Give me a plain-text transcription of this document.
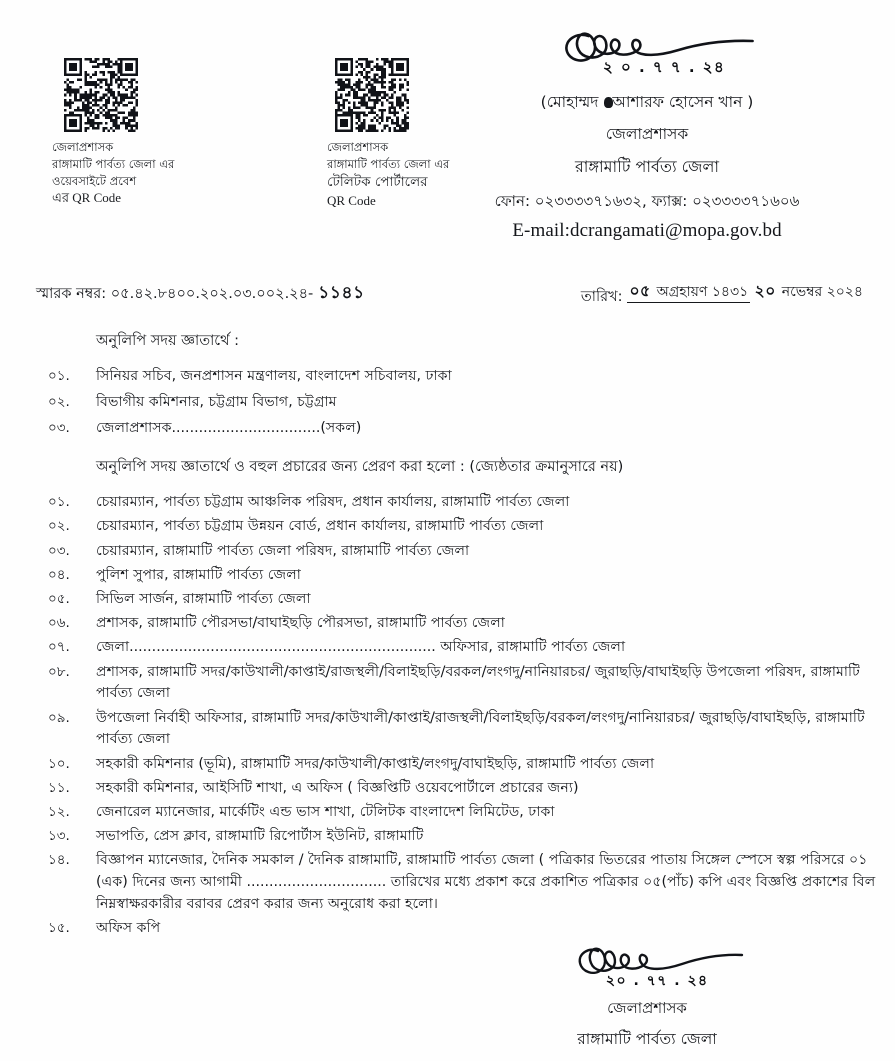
জেলাপ্রশাসক
রাঙ্গামাটি পার্বত্য জেলা এর
ওয়েবসাইটে প্রবেশ
এর QR Code
জেলাপ্রশাসক
রাঙ্গামাটি পার্বত্য জেলা এর
টেলিটক পোর্টালের
QR Code
২ ০ . ৭ ৭ . ২৪
(মোহাম্মদ আশারফ হোসেন খান )
জেলাপ্রশাসক
রাঙ্গামাটি পার্বত্য জেলা
ফোন: ০২৩৩৩৩৭১৬৩২, ফ্যাক্স: ০২৩৩৩৩৭১৬০৬
E-mail:dcrangamati@mopa.gov.bd
স্মারক নম্বর: ০৫.৪২.৮৪০০.২০২.০৩.০০২.২৪- ১১৪১	তারিখ: ০৫ অগ্রহায়ণ ১৪৩১ ২০ নভেম্বর ২০২৪
অনুলিপি সদয় জ্ঞাতার্থে :
০১. সিনিয়র সচিব, জনপ্রশাসন মন্ত্রণালয়, বাংলাদেশ সচিবালয়, ঢাকা
০২. বিভাগীয় কমিশনার, চট্টগ্রাম বিভাগ, চট্টগ্রাম
০৩. জেলাপ্রশাসক.................................(সকল)
অনুলিপি সদয় জ্ঞাতার্থে ও বহুল প্রচারের জন্য প্রেরণ করা হলো : (জ্যেষ্ঠতার ক্রমানুসারে নয়)
০১. চেয়ারম্যান, পার্বত্য চট্টগ্রাম আঞ্চলিক পরিষদ, প্রধান কার্যালয়, রাঙ্গামাটি পার্বত্য জেলা
০২. চেয়ারম্যান, পার্বত্য চট্টগ্রাম উন্নয়ন বোর্ড, প্রধান কার্যালয়, রাঙ্গামাটি পার্বত্য জেলা
০৩. চেয়ারম্যান, রাঙ্গামাটি পার্বত্য জেলা পরিষদ, রাঙ্গামাটি পার্বত্য জেলা
০৪. পুলিশ সুপার, রাঙ্গামাটি পার্বত্য জেলা
০৫. সিভিল সার্জন, রাঙ্গামাটি পার্বত্য জেলা
০৬. প্রশাসক, রাঙ্গামাটি পৌরসভা/বাঘাইছড়ি পৌরসভা, রাঙ্গামাটি পার্বত্য জেলা
০৭. জেলা.................................................................... অফিসার, রাঙ্গামাটি পার্বত্য জেলা
০৮. প্রশাসক, রাঙ্গামাটি সদর/কাউখালী/কাপ্তাই/রাজস্থলী/বিলাইছড়ি/বরকল/লংগদু/নানিয়ারচর/ জুরাছড়ি/বাঘাইছড়ি উপজেলা পরিষদ, রাঙ্গামাটি পার্বত্য জেলা
০৯. উপজেলা নির্বাহী অফিসার, রাঙ্গামাটি সদর/কাউখালী/কাপ্তাই/রাজস্থলী/বিলাইছড়ি/বরকল/লংগদু/নানিয়ারচর/ জুরাছড়ি/বাঘাইছড়ি, রাঙ্গামাটি পার্বত্য জেলা
১০. সহকারী কমিশনার (ভূমি), রাঙ্গামাটি সদর/কাউখালী/কাপ্তাই/লংগদু/বাঘাইছড়ি, রাঙ্গামাটি পার্বত্য জেলা
১১. সহকারী কমিশনার, আইসিটি শাখা, এ অফিস ( বিজ্ঞপ্তিটি ওয়েবপোর্টালে প্রচারের জন্য)
১২. জেনারেল ম্যানেজার, মার্কেটিং এন্ড ভাস শাখা, টেলিটক বাংলাদেশ লিমিটেড, ঢাকা
১৩. সভাপতি, প্রেস ক্লাব, রাঙ্গামাটি রিপোর্টাস ইউনিট, রাঙ্গামাটি
১৪. বিজ্ঞাপন ম্যানেজার, দৈনিক সমকাল / দৈনিক রাঙ্গামাটি, রাঙ্গামাটি পার্বত্য জেলা ( পত্রিকার ভিতরের পাতায় সিঙ্গেল স্পেসে স্বল্প পরিসরে ০১ (এক) দিনের জন্য আগামী ............................... তারিখের মধ্যে প্রকাশ করে প্রকাশিত পত্রিকার ০৫(পাঁচ) কপি এবং বিজ্ঞপ্তি প্রকাশের বিল নিম্নস্বাক্ষরকারীর বরাবর প্রেরণ করার জন্য অনুরোধ করা হলো।
১৫. অফিস কপি
২০ . ৭৭ . ২৪
জেলাপ্রশাসক
রাঙ্গামাটি পার্বত্য জেলা
